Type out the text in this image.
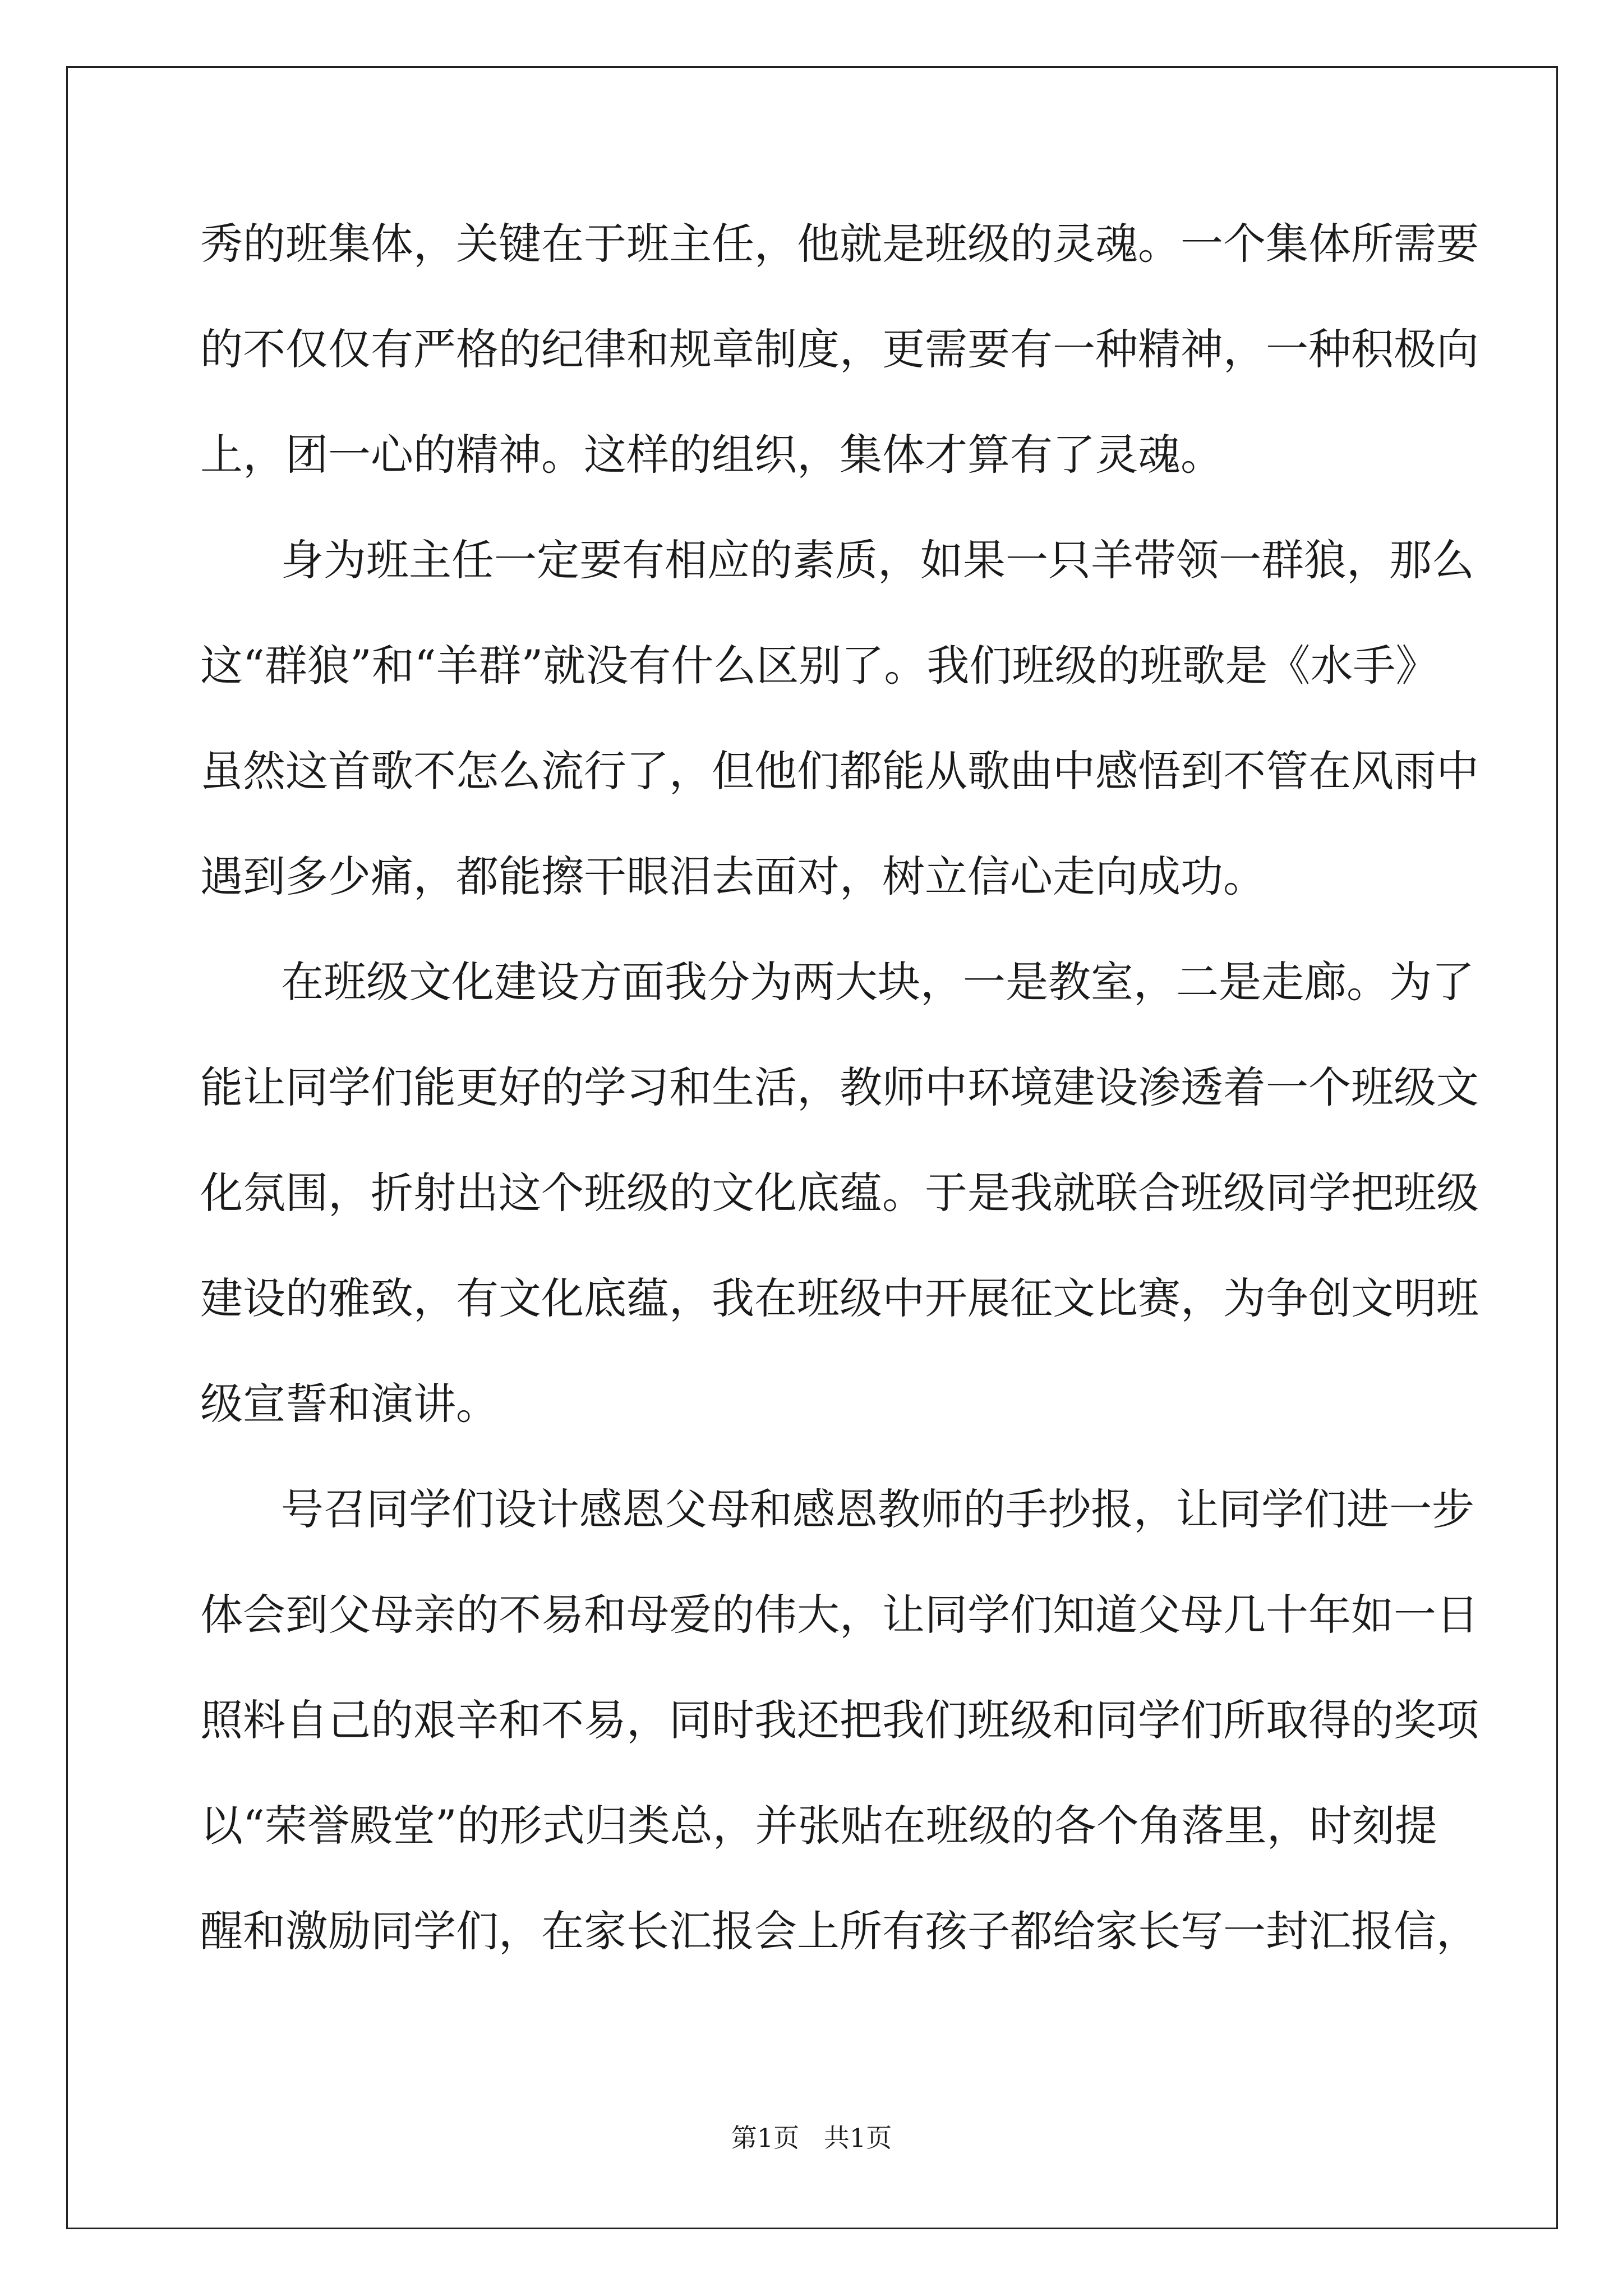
秀的班集体，关键在于班主任，他就是班级的灵魂。一个集体所需要
的不仅仅有严格的纪律和规章制度，更需要有一种精神，一种积极向
上，团一心的精神。这样的组织，集体才算有了灵魂。
身为班主任一定要有相应的素质，如果一只羊带领一群狼，那么
这“群狼”和“羊群”就没有什么区别了。我们班级的班歌是《水手》
虽然这首歌不怎么流行了，但他们都能从歌曲中感悟到不管在风雨中
遇到多少痛，都能擦干眼泪去面对，树立信心走向成功。
在班级文化建设方面我分为两大块，一是教室，二是走廊。为了
能让同学们能更好的学习和生活，教师中环境建设渗透着一个班级文
化氛围，折射出这个班级的文化底蕴。于是我就联合班级同学把班级
建设的雅致，有文化底蕴，我在班级中开展征文比赛，为争创文明班
级宣誓和演讲。
号召同学们设计感恩父母和感恩教师的手抄报，让同学们进一步
体会到父母亲的不易和母爱的伟大，让同学们知道父母几十年如一日
照料自己的艰辛和不易，同时我还把我们班级和同学们所取得的奖项
以“荣誉殿堂”的形式归类总，并张贴在班级的各个角落里，时刻提
醒和激励同学们，在家长汇报会上所有孩子都给家长写一封汇报信，
第1页   共1页
